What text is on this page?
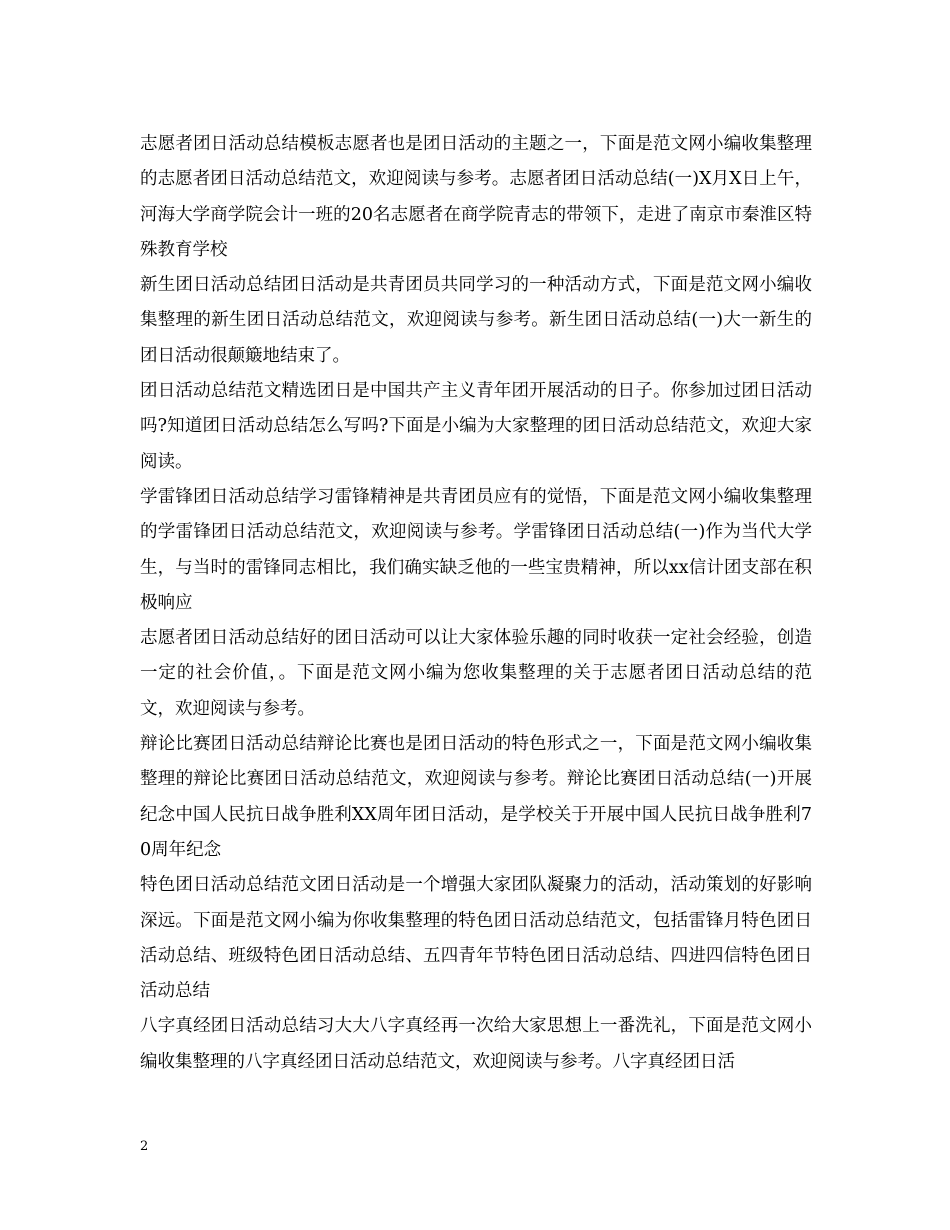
志愿者团日活动总结模板志愿者也是团日活动的主题之一，下面是范文网小编收集整理的志愿者团日活动总结范文，欢迎阅读与参考。志愿者团日活动总结(一)X月X日上午，河海大学商学院会计一班的20名志愿者在商学院青志的带领下，走进了南京市秦淮区特殊教育学校

新生团日活动总结团日活动是共青团员共同学习的一种活动方式，下面是范文网小编收集整理的新生团日活动总结范文，欢迎阅读与参考。新生团日活动总结(一)大一新生的团日活动很颠簸地结束了。

团日活动总结范文精选团日是中国共产主义青年团开展活动的日子。你参加过团日活动吗?知道团日活动总结怎么写吗?下面是小编为大家整理的团日活动总结范文，欢迎大家阅读。

学雷锋团日活动总结学习雷锋精神是共青团员应有的觉悟，下面是范文网小编收集整理的学雷锋团日活动总结范文，欢迎阅读与参考。学雷锋团日活动总结(一)作为当代大学生，与当时的雷锋同志相比，我们确实缺乏他的一些宝贵精神，所以xx信计团支部在积极响应

志愿者团日活动总结好的团日活动可以让大家体验乐趣的同时收获一定社会经验，创造一定的社会价值，。下面是范文网小编为您收集整理的关于志愿者团日活动总结的范文，欢迎阅读与参考。

辩论比赛团日活动总结辩论比赛也是团日活动的特色形式之一，下面是范文网小编收集整理的辩论比赛团日活动总结范文，欢迎阅读与参考。辩论比赛团日活动总结(一)开展纪念中国人民抗日战争胜利XX周年团日活动，是学校关于开展中国人民抗日战争胜利70周年纪念

特色团日活动总结范文团日活动是一个增强大家团队凝聚力的活动，活动策划的好影响深远。下面是范文网小编为你收集整理的特色团日活动总结范文，包括雷锋月特色团日活动总结、班级特色团日活动总结、五四青年节特色团日活动总结、四进四信特色团日活动总结

八字真经团日活动总结习大大八字真经再一次给大家思想上一番洗礼，下面是范文网小编收集整理的八字真经团日活动总结范文，欢迎阅读与参考。八字真经团日活

2
